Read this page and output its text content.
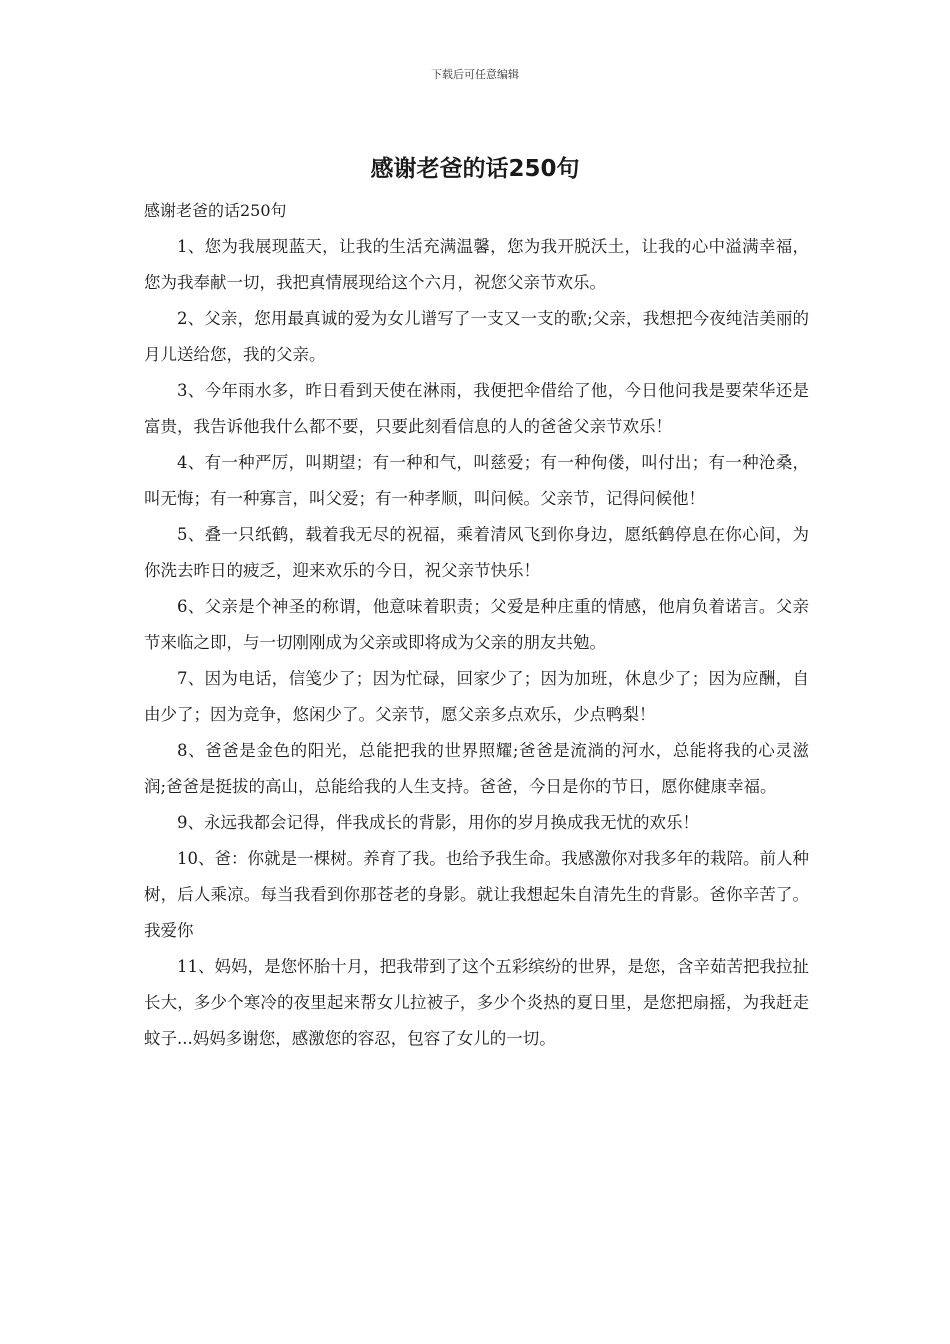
下载后可任意编辑
感谢老爸的话250句

感谢老爸的话250句

1、您为我展现蓝天，让我的生活充满温馨，您为我开脱沃土，让我的心中溢满幸福，您为我奉献一切，我把真情展现给这个六月，祝您父亲节欢乐。

2、父亲，您用最真诚的爱为女儿谱写了一支又一支的歌;父亲，我想把今夜纯洁美丽的月儿送给您，我的父亲。

3、今年雨水多，昨日看到天使在淋雨，我便把伞借给了他，今日他问我是要荣华还是富贵，我告诉他我什么都不要，只要此刻看信息的人的爸爸父亲节欢乐！

4、有一种严厉，叫期望；有一种和气，叫慈爱；有一种佝偻，叫付出；有一种沧桑，叫无悔；有一种寡言，叫父爱；有一种孝顺，叫问候。父亲节，记得问候他！

5、叠一只纸鹤，载着我无尽的祝福，乘着清风飞到你身边，愿纸鹤停息在你心间，为你洗去昨日的疲乏，迎来欢乐的今日，祝父亲节快乐！

6、父亲是个神圣的称谓，他意味着职责；父爱是种庄重的情感，他肩负着诺言。父亲节来临之即，与一切刚刚成为父亲或即将成为父亲的朋友共勉。

7、因为电话，信笺少了；因为忙碌，回家少了；因为加班，休息少了；因为应酬，自由少了；因为竞争，悠闲少了。父亲节，愿父亲多点欢乐，少点鸭梨！

8、爸爸是金色的阳光，总能把我的世界照耀;爸爸是流淌的河水，总能将我的心灵滋润;爸爸是挺拔的高山，总能给我的人生支持。爸爸，今日是你的节日，愿你健康幸福。

9、永远我都会记得，伴我成长的背影，用你的岁月换成我无忧的欢乐！

10、爸：你就是一棵树。养育了我。也给予我生命。我感激你对我多年的栽陪。前人种树，后人乘凉。每当我看到你那苍老的身影。就让我想起朱自清先生的背影。爸你辛苦了。我爱你

11、妈妈，是您怀胎十月，把我带到了这个五彩缤纷的世界，是您，含辛茹苦把我拉扯长大，多少个寒冷的夜里起来帮女儿拉被子，多少个炎热的夏日里，是您把扇摇，为我赶走蚊子...妈妈多谢您，感激您的容忍，包容了女儿的一切。
